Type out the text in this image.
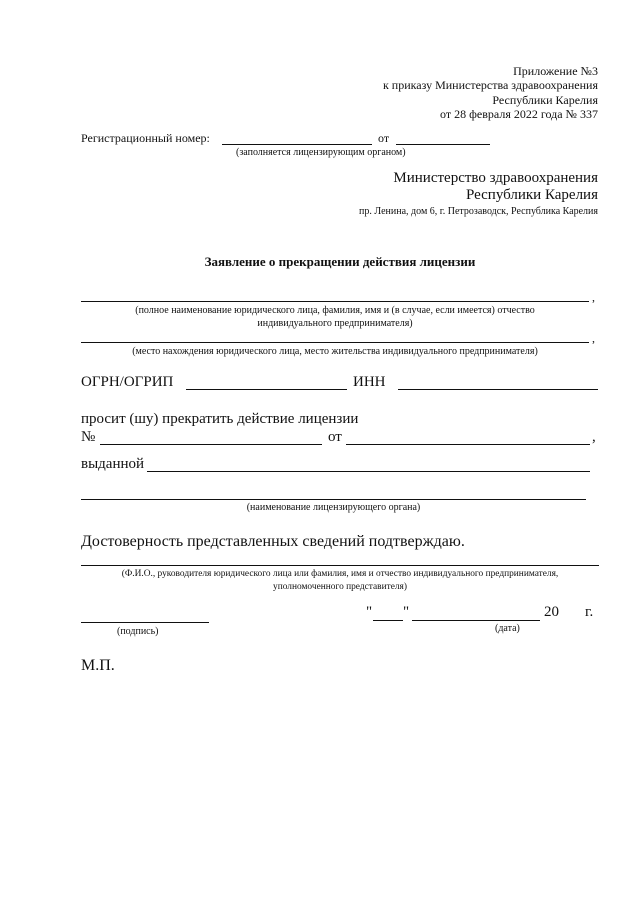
Приложение №3
к приказу Министерства здравоохранения
Республики Карелия
от 28 февраля 2022 года № 337
Регистрационный номер:	от
(заполняется лицензирующим органом)
Министерство здравоохранения
Республики Карелия
пр. Ленина, дом 6, г. Петрозаводск, Республика Карелия
Заявление о прекращении действия лицензии
,
(полное наименование юридического лица, фамилия, имя и (в случае, если имеется) отчество
индивидуального предпринимателя)
,
(место нахождения юридического лица, место жительства индивидуального предпринимателя)
ОГРН/ОГРИП	ИНН
просит (шу) прекратить действие лицензии
№	от	,
выданной
(наименование лицензирующего органа)
Достоверность представленных сведений подтверждаю.
(Ф.И.О., руководителя юридического лица или фамилия, имя и отчество индивидуального предпринимателя,
уполномоченного представителя)
(подпись)
" "	20 г.
(дата)
М.П.
